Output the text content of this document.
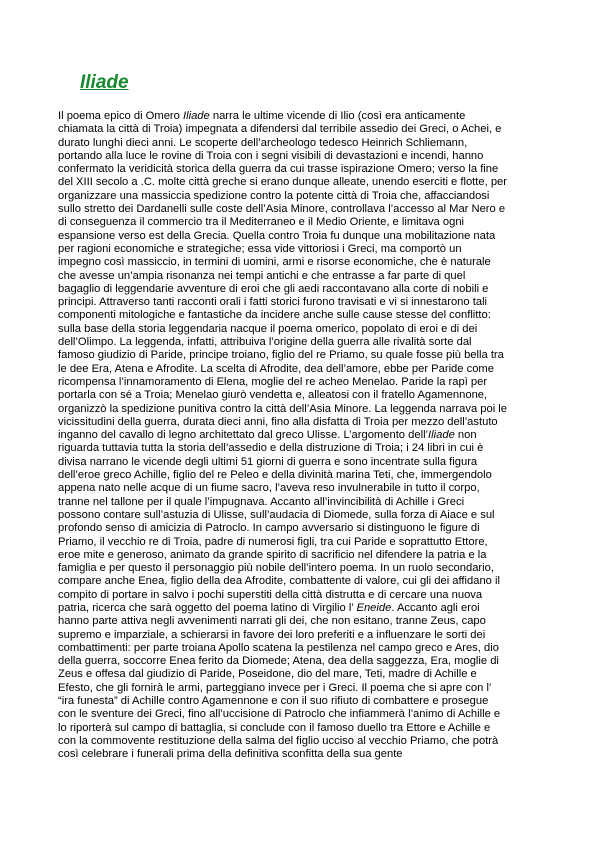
Iliade
Il poema epico di Omero Iliade narra le ultime vicende di Ilio (così era anticamente
chiamata la città di Troia) impegnata a difendersi dal terribile assedio dei Greci, o Achei, e
durato lunghi dieci anni. Le scoperte dell’archeologo tedesco Heinrich Schliemann,
portando alla luce le rovine di Troia con i segni visibili di devastazioni e incendi, hanno
confermato la veridicità storica della guerra da cui trasse ispirazione Omero; verso la fine
del XIII secolo a .C. molte città greche si erano dunque alleate, unendo eserciti e flotte, per
organizzare una massiccia spedizione contro la potente città di Troia che, affacciandosi
sullo stretto dei Dardanelli sulle coste dell’Asia Minore, controllava l’accesso al Mar Nero e
di conseguenza il commercio tra il Mediterraneo e il Medio Oriente, e limitava ogni
espansione verso est della Grecia. Quella contro Troia fu dunque una mobilitazione nata
per ragioni economiche e strategiche; essa vide vittoriosi i Greci, ma comportò un
impegno così massiccio, in termini di uomini, armi e risorse economiche, che è naturale
che avesse un’ampia risonanza nei tempi antichi e che entrasse a far parte di quel
bagaglio di leggendarie avventure di eroi che gli aedi raccontavano alla corte di nobili e
principi. Attraverso tanti racconti orali i fatti storici furono travisati e vi si innestarono tali
componenti mitologiche e fantastiche da incidere anche sulle cause stesse del conflitto:
sulla base della storia leggendaria nacque il poema omerico, popolato di eroi e di dei
dell’Olimpo. La leggenda, infatti, attribuiva l’origine della guerra alle rivalità sorte dal
famoso giudizio di Paride, principe troiano, figlio del re Priamo, su quale fosse più bella tra
le dee Era, Atena e Afrodite. La scelta di Afrodite, dea dell’amore, ebbe per Paride come
ricompensa l’innamoramento di Elena, moglie del re acheo Menelao. Paride la rapì per
portarla con sé a Troia; Menelao giurò vendetta e, alleatosi con il fratello Agamennone,
organizzò la spedizione punitiva contro la città dell’Asia Minore. La leggenda narrava poi le
vicissitudini della guerra, durata dieci anni, fino alla disfatta di Troia per mezzo dell’astuto
inganno del cavallo di legno architettato dal greco Ulisse. L’argomento dell’Iliade non
riguarda tuttavia tutta la storia dell’assedio e della distruzione di Troia; i 24 libri in cui è
divisa narrano le vicende degli ultimi 51 giorni di guerra e sono incentrate sulla figura
dell’eroe greco Achille, figlio del re Peleo e della divinità marina Teti, che, immergendolo
appena nato nelle acque di un fiume sacro, l’aveva reso invulnerabile in tutto il corpo,
tranne nel tallone per il quale l’impugnava. Accanto all’invincibilità di Achille i Greci
possono contare sull’astuzia di Ulisse, sull’audacia di Diomede, sulla forza di Aiace e sul
profondo senso di amicizia di Patroclo. In campo avversario si distinguono le figure di
Priamo, il vecchio re di Troia, padre di numerosi figli, tra cui Paride e soprattutto Ettore,
eroe mite e generoso, animato da grande spirito di sacrificio nel difendere la patria e la
famiglia e per questo il personaggio più nobile dell’intero poema. In un ruolo secondario,
compare anche Enea, figlio della dea Afrodite, combattente di valore, cui gli dei affidano il
compito di portare in salvo i pochi superstiti della città distrutta e di cercare una nuova
patria, ricerca che sarà oggetto del poema latino di Virgilio l’ Eneide. Accanto agli eroi
hanno parte attiva negli avvenimenti narrati gli dei, che non esitano, tranne Zeus, capo
supremo e imparziale, a schierarsi in favore dei loro preferiti e a influenzare le sorti dei
combattimenti: per parte troiana Apollo scatena la pestilenza nel campo greco e Ares, dio
della guerra, soccorre Enea ferito da Diomede; Atena, dea della saggezza, Era, moglie di
Zeus e offesa dal giudizio di Paride, Poseidone, dio del mare, Teti, madre di Achille e
Efesto, che gli fornirà le armi, parteggiano invece per i Greci. Il poema che si apre con l’
“ira funesta” di Achille contro Agamennone e con il suo rifiuto di combattere e prosegue
con le sventure dei Greci, fino all’uccisione di Patroclo che infiammerà l’animo di Achille e
lo riporterà sul campo di battaglia, si conclude con il famoso duello tra Ettore e Achille e
con la commovente restituzione della salma del figlio ucciso al vecchio Priamo, che potrà
così celebrare i funerali prima della definitiva sconfitta della sua gente
